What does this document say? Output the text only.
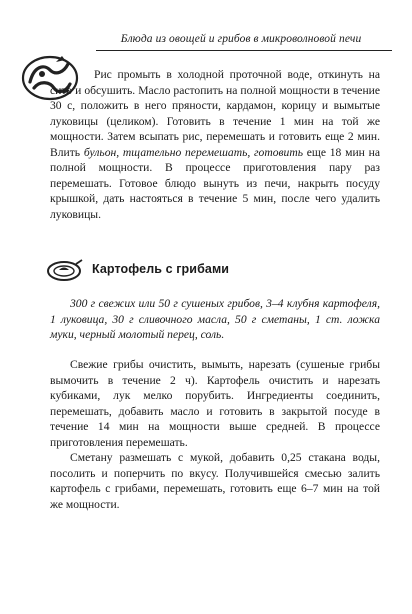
Блюда из овощей и грибов в микроволновой печи

Рис промыть в холодной проточной воде, откинуть на сито и обсушить. Масло растопить на полной мощности в течение 30 с, положить в него пряности, кардамон, корицу и вымытые луковицы (целиком). Готовить в течение 1 мин на той же мощности. Затем всыпать рис, перемешать и готовить еще 2 мин. Влить бульон, тщательно перемешать, готовить еще 18 мин на полной мощности. В процессе приготовления пару раз перемешать. Готовое блюдо вынуть из печи, накрыть посуду крышкой, дать настояться в течение 5 мин, после чего удалить луковицы.

Картофель с грибами

300 г свежих или 50 г сушеных грибов, 3–4 клубня картофеля, 1 луковица, 30 г сливочного масла, 50 г сметаны, 1 ст. ложка муки, черный молотый перец, соль.

Свежие грибы очистить, вымыть, нарезать (сушеные грибы вымочить в течение 2 ч). Картофель очистить и нарезать кубиками, лук мелко порубить. Ингредиенты соединить, перемешать, добавить масло и готовить в закрытой посуде в течение 14 мин на мощности выше средней. В процессе приготовления перемешать.

Сметану размешать с мукой, добавить 0,25 стакана воды, посолить и поперчить по вкусу. Получившейся смесью залить картофель с грибами, перемешать, готовить еще 6–7 мин на той же мощности.
